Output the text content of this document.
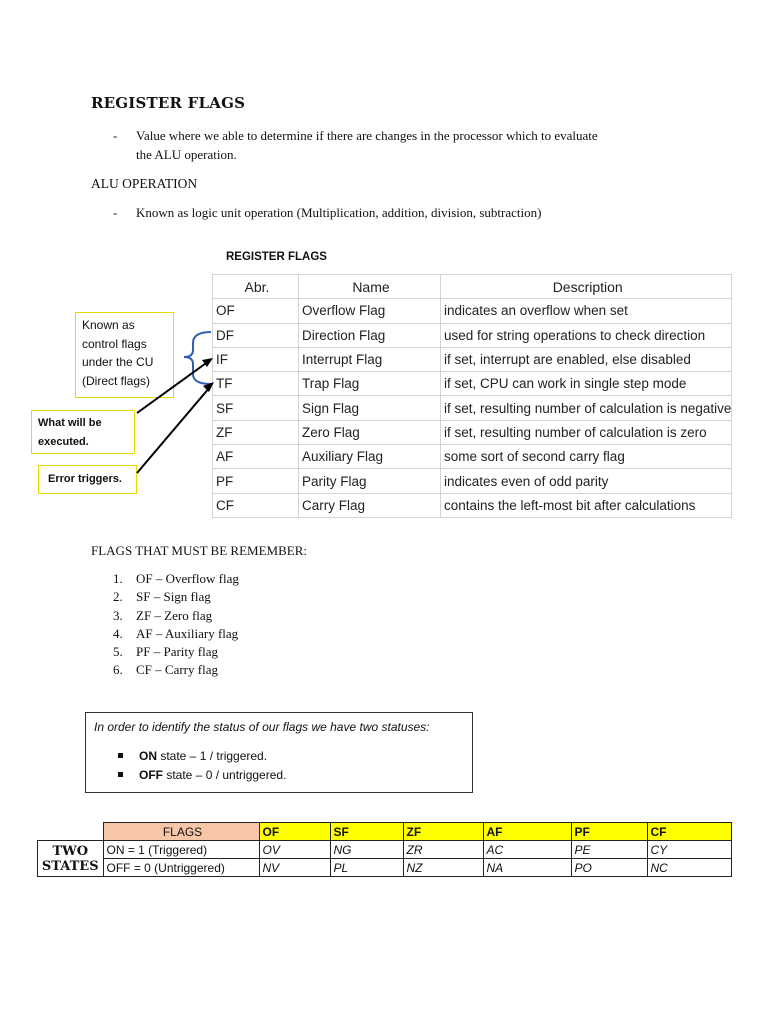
REGISTER FLAGS
- Value where we able to determine if there are changes in the processor which to evaluate
the ALU operation.
ALU OPERATION
- Known as logic unit operation (Multiplication, addition, division, subtraction)
REGISTER FLAGS
Abr.	Name	Description
OF	Overflow Flag	indicates an overflow when set
DF	Direction Flag	used for string operations to check direction
IF	Interrupt Flag	if set, interrupt are enabled, else disabled
TF	Trap Flag	if set, CPU can work in single step mode
SF	Sign Flag	if set, resulting number of calculation is negative
ZF	Zero Flag	if set, resulting number of calculation is zero
AF	Auxiliary Flag	some sort of second carry flag
PF	Parity Flag	indicates even of odd parity
CF	Carry Flag	contains the left-most bit after calculations
Known as
control flags
under the CU
(Direct flags)
What will be
executed.
Error triggers.
FLAGS THAT MUST BE REMEMBER:
1. OF – Overflow flag
2. SF – Sign flag
3. ZF – Zero flag
4. AF – Auxiliary flag
5. PF – Parity flag
6. CF – Carry flag
In order to identify the status of our flags we have two statuses:
ON state – 1 / triggered.
OFF state – 0 / untriggered.
	FLAGS	OF	SF	ZF	AF	PF	CF

TWO
STATES	ON = 1 (Triggered)	OV	NG	ZR	AC	PE	CY
	OFF = 0 (Untriggered)	NV	PL	NZ	NA	PO	NC
